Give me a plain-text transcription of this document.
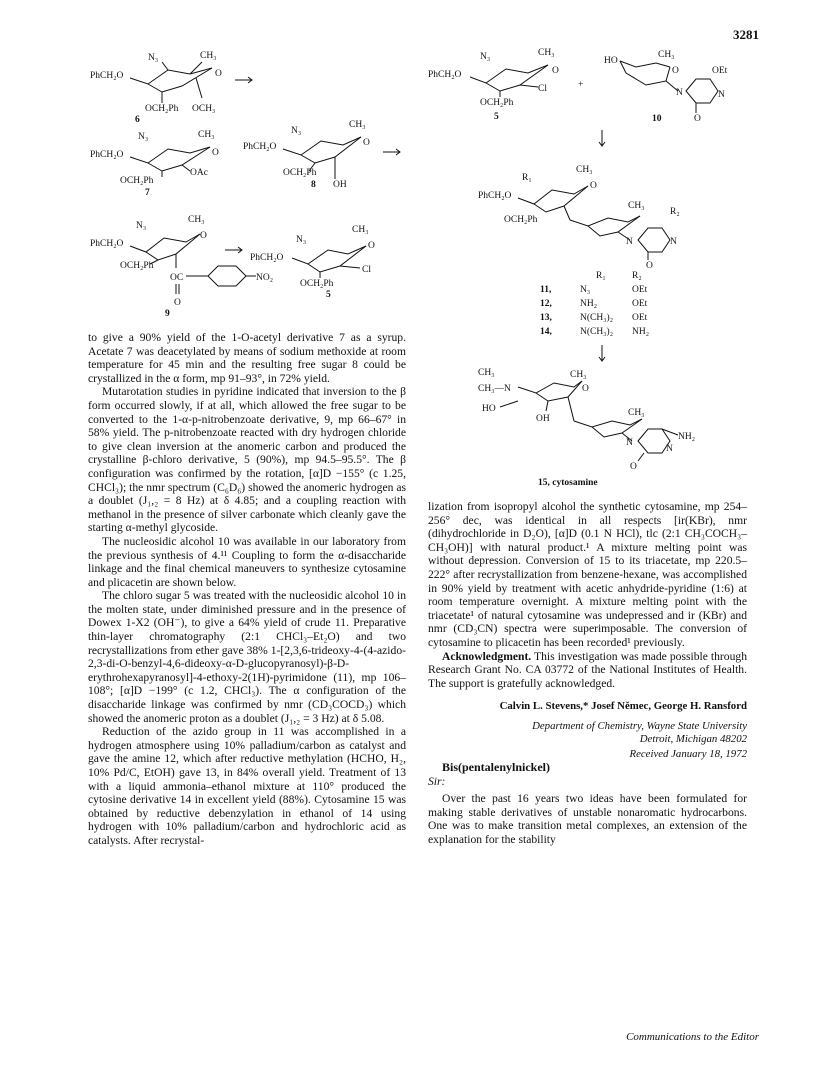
3281
PhCH₂O
N₃	CH₃
O
OCH₂Ph OCH₃
6
PhCH₂O
N₃	CH₃
O
OCH₂Ph
OAc
7
PhCH₂O
N₃
CH₃
O
OCH₂Ph
OH
8
PhCH₂O
N₃
CH₃
O
OCH₂Ph
OC	NO₂
O
9
PhCH₂O
N₃
CH₃
O
Cl
OCH₂Ph
5
PhCH₂O
N₃	CH₃
O
Cl
OCH₂Ph
5
+
HO
CH₃
O
N
OEt
N
O
10
PhCH₂O
R₁
CH₃
O
OCH₂Ph
CH₃
N
R₂
N
O
R₁	R₂
11,	N₃	OEt
12,	NH₂	OEt
13,	N(CH₃)₂ OEt
14,	N(CH₃)₂ NH₂
CH₃
CH₃—N
CH₃
O
HO
OH
CH₃
N
NH₂
N
O
15, cytosamine

to give a 90% yield of the 1-O-acetyl derivative 7 as a syrup. Acetate 7 was deacetylated by means of sodium methoxide at room temperature for 45 min and the resulting free sugar 8 could be crystallized in the α form, mp 91–93°, in 72% yield.

Mutarotation studies in pyridine indicated that inversion to the β form occurred slowly, if at all, which allowed the free sugar to be converted to the 1-α-p-nitrobenzoate derivative, 9, mp 66–67° in 58% yield. The p-nitrobenzoate reacted with dry hydrogen chloride to give clean inversion at the anomeric carbon and produced the crystalline β-chloro derivative, 5 (90%), mp 94.5–95.5°. The β configuration was confirmed by the rotation, [α]D −155° (c 1.25, CHCl₃); the nmr spectrum (C₆D₆) showed the anomeric hydrogen as a doublet (J₁,₂ = 8 Hz) at δ 4.85; and a coupling reaction with methanol in the presence of silver carbonate which cleanly gave the starting α-methyl glycoside.

The nucleosidic alcohol 10 was available in our laboratory from the previous synthesis of 4.¹¹ Coupling to form the α-disaccharide linkage and the final chemical maneuvers to synthesize cytosamine and plicacetin are shown below.

The chloro sugar 5 was treated with the nucleosidic alcohol 10 in the molten state, under diminished pressure and in the presence of Dowex 1-X2 (OH⁻), to give a 64% yield of crude 11. Preparative thin-layer chromatography (2:1 CHCl₃–Et₂O) and two recrystallizations from ether gave 38% 1-[2,3,6-trideoxy-4-(4-azido-2,3-di-O-benzyl-4,6-dideoxy-α-D-glucopyranosyl)-β-D-erythrohexapyranosyl]-4-ethoxy-2(1H)-pyrimidone (11), mp 106–108°; [α]D −199° (c 1.2, CHCl₃). The α configuration of the disaccharide linkage was confirmed by nmr (CD₃COCD₃) which showed the anomeric proton as a doublet (J₁,₂ = 3 Hz) at δ 5.08.

Reduction of the azido group in 11 was accomplished in a hydrogen atmosphere using 10% palladium/carbon as catalyst and gave the amine 12, which after reductive methylation (HCHO, H₂, 10% Pd/C, EtOH) gave 13, in 84% overall yield. Treatment of 13 with a liquid ammonia–ethanol mixture at 110° produced the cytosine derivative 14 in excellent yield (88%). Cytosamine 15 was obtained by reductive debenzylation in ethanol of 14 using hydrogen with 10% palladium/carbon and hydrochloric acid as catalysts. After recrystal-

lization from isopropyl alcohol the synthetic cytosamine, mp 254–256° dec, was identical in all respects [ir(KBr), nmr (dihydrochloride in D₂O), [α]D (0.1 N HCl), tlc (2:1 CH₃COCH₃–CH₃OH)] with natural product.¹ A mixture melting point was without depression. Conversion of 15 to its triacetate, mp 220.5–222° after recrystallization from benzene-hexane, was accomplished in 90% yield by treatment with acetic anhydride-pyridine (1:6) at room temperature overnight. A mixture melting point with the triacetate¹ of natural cytosamine was undepressed and ir (KBr) and nmr (CD₃CN) spectra were superimposable. The conversion of cytosamine to plicacetin has been recorded¹ previously.

Acknowledgment. This investigation was made possible through Research Grant No. CA 03772 of the National Institutes of Health. The support is gratefully acknowledged.

Calvin L. Stevens,* Josef Němec, George H. Ransford
Department of Chemistry, Wayne State University
Detroit, Michigan 48202
Received January 18, 1972

Bis(pentalenylnickel)

Sir:

Over the past 16 years two ideas have been formulated for making stable derivatives of unstable nonaromatic hydrocarbons. One was to make transition metal complexes, an extension of the explanation for the stability

Communications to the Editor
